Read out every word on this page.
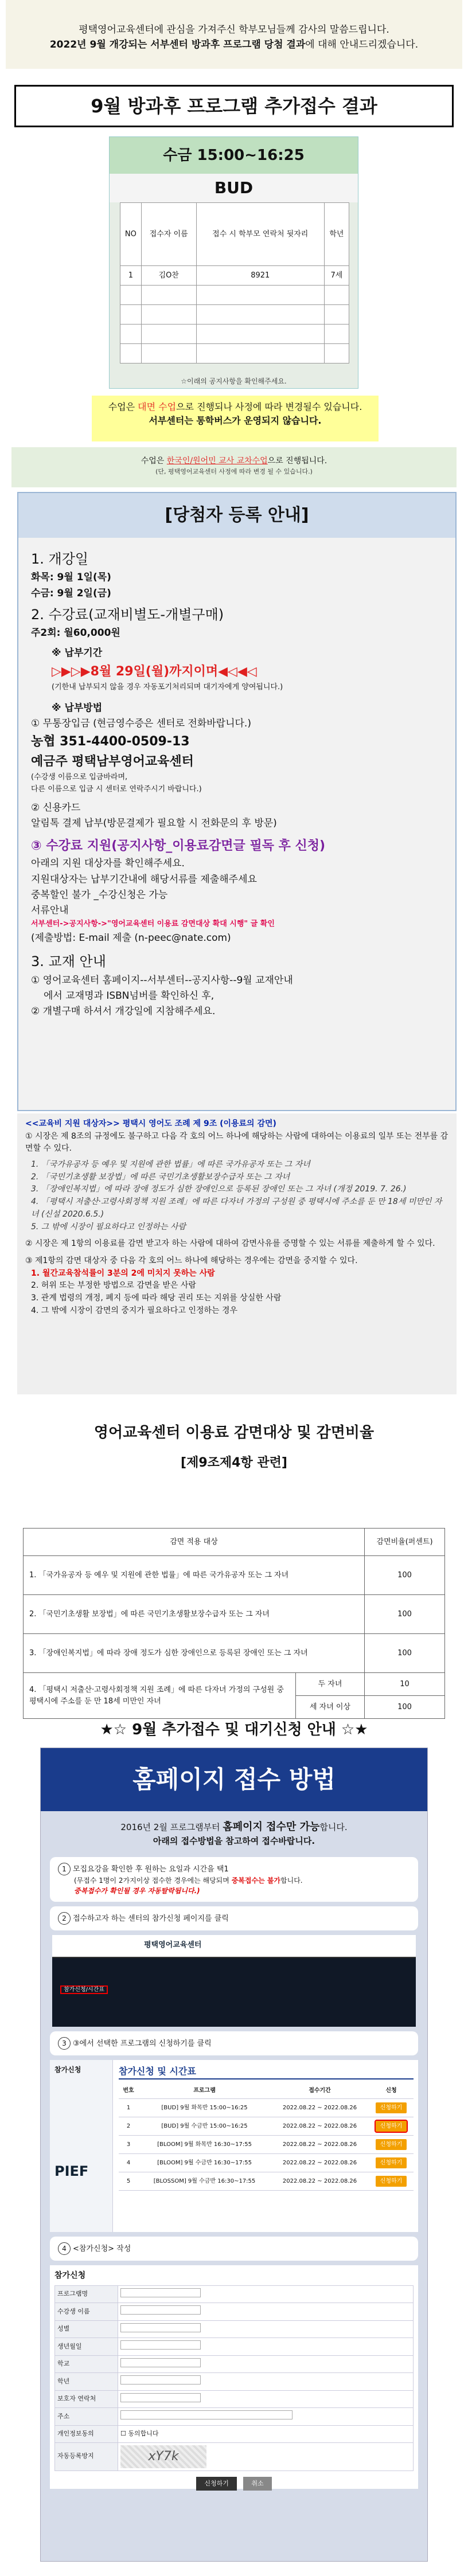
평택영어교육센터에 관심을 가져주신 학부모님들께 감사의 말씀드립니다.
2022년 9월 개강되는 서부센터 방과후 프로그램 당첨 결과에 대해 안내드리겠습니다.
9월 방과후 프로그램 추가접수 결과
수금 15:00~16:25
BUD
NO	접수자 이름	접수 시 학부모 연락처 뒷자리	학년
1	김O찬	8921	7세

☆이래의 공지사항을 확인해주세요.
수업은 대면 수업으로 진행되나 사정에 따라 변경될수 있습니다.
서부센터는 통학버스가 운영되지 않습니다.
수업은 한국인/원어민 교사 교차수업으로 진행됩니다.
(단, 평택영어교육센터 사정에 따라 변경 될 수 있습니다.)
[당첨자 등록 안내]
1. 개강일
화목: 9월 1일(목)
수금: 9월 2일(금)
2. 수강료(교재비별도-개별구매)
주2회: 월60,000원
※ 납부기간
▷▶▷▶8월 29일(월)까지이며◀◁◀◁
(기한내 납부되지 않을 경우 자동포기처리되며 대기자에게 양여됩니다.)
※ 납부방법
① 무통장입금 (현금영수증은 센터로 전화바랍니다.)
농협 351-4400-0509-13
예금주 평택남부영어교육센터
(수강생 이름으로 입금바라며,
다른 이름으로 입금 시 센터로 연락주시기 바랍니다.)
② 신용카드
알림톡 결제 납부(방문결제가 필요할 시 전화문의 후 방문)
③ 수강료 지원(공지사항_이용료감면글 필독 후 신청)
아래의 지원 대상자를 확인해주세요.
지원대상자는 납부기간내에 해당서류를 제출해주세요
중복할인 불가 _수강신청은 가능
서류안내
서부센터->공지사항->"영어교육센터 이용료 감면대상 확대 시행" 글 확인
(제출방법: E-mail 제출 (n-peec@nate.com)
3. 교재 안내
① 영어교육센터 홈페이지--서부센터--공지사항--9월 교재안내
에서 교재명과 ISBN넘버를 확인하신 후,
② 개별구매 하셔서 개강일에 지참해주세요.
<<교육비 지원 대상자>> 평택시 영어도 조례 제 9조 (이용료의 감면)
① 시장은 제 8조의 규정에도 불구하고 다음 각 호의 어느 하나에 해당하는 사람에 대하여는 이용료의 일부 또는 전부를 감면할 수 있다.
1. 「국가유공자 등 예우 및 지원에 관한 법률」에 따른 국가유공자 또는 그 자녀
2. 「국민기초생활 보장법」에 따른 국민기초생활보장수급자 또는 그 자녀
3. 「장애인복지법」에 따라 장애 정도가 심한 장애인으로 등록된 장애인 또는 그 자녀 (개정 2019. 7. 26.)
4. 「평택시 저출산·고령사회정책 지원 조례」에 따른 다자녀 가정의 구성원 중 평택시에 주소를 둔 만 18세 미만인 자녀 (신설 2020.6.5.)
5. 그 밖에 시장이 필요하다고 인정하는 사람
② 시장은 제 1항의 이용료를 감면 받고자 하는 사람에 대하여 감면사유를 증명할 수 있는 서류를 제출하게 할 수 있다.
③ 제1항의 감면 대상자 중 다음 각 호의 어느 하나에 해당하는 경우에는 감면을 중지할 수 있다.
1. 월간교육참석률이 3분의 2에 미치지 못하는 사람
2. 허위 또는 부정한 방법으로 감면을 받은 사람
3. 관계 법령의 개정, 폐지 등에 따라 해당 권리 또는 지위를 상실한 사람
4. 그 밖에 시장이 감면의 중지가 필요하다고 인정하는 경우
영어교육센터 이용료 감면대상 및 감면비율
[제9조제4항 관련]
감면 적용 대상		감면비율(퍼센트)
1. 「국가유공자 등 예우 및 지원에 관한 법률」에 따른 국가유공자 또는 그 자녀		100
2. 「국민기초생활 보장법」에 따른 국민기초생활보장수급자 또는 그 자녀		100
3. 「장애인복지법」에 따라 장애 정도가 심한 장애인으로 등록된 장애인 또는 그 자녀		100
4. 「평택시 저출산·고령사회정책 지원 조례」에 따른 다자녀 가정의 구성원 중 평택시에 주소를 둔 만 18세 미만인 자녀	두 자녀	10
	세 자녀 이상	100
★☆ 9월 추가접수 및 대기신청 안내 ☆★
홈페이지 접수 방법
2016년 2월 프로그램부터 홈페이지 접수만 가능합니다.
아래의 접수방법을 참고하여 접수바랍니다.
1 모집요강을 확인한 후 원하는 요일과 시간을 택1
(무접수 1명이 2가지이상 접수한 경우에는 해당되며 중복접수는 불가합니다.
중복접수가 확인될 경우 자동탈락됩니다.)
2 접수하고자 하는 센터의 참가신청 페이지를 클릭
평택영어교육센터
참가신청/시간표
3 ③에서 선택한 프로그램의 신청하기를 클릭
참가신청
PIEF
참가신청 및 시간표
번호	프로그램	접수기간	신청
1	[BUD] 9월 화목반 15:00~16:25	2022.08.22 ~ 2022.08.26	신청하기
2	[BUD] 9월 수금반 15:00~16:25	2022.08.22 ~ 2022.08.26	신청하기
3	[BLOOM] 9월 화목반 16:30~17:55	2022.08.22 ~ 2022.08.26	신청하기
4	[BLOOM] 9월 수금반 16:30~17:55	2022.08.22 ~ 2022.08.26	신청하기
5	[BLOSSOM] 9월 수금반 16:30~17:55	2022.08.22 ~ 2022.08.26	신청하기
4 <참가신청> 작성
참가신청
프로그램명	
수강생 이름	
성별	
생년월일	
학교	
학년	
보호자 연락처	
주소	
개인정보동의	☐ 동의합니다
자동등록방지	xY7k
신청하기	취소
